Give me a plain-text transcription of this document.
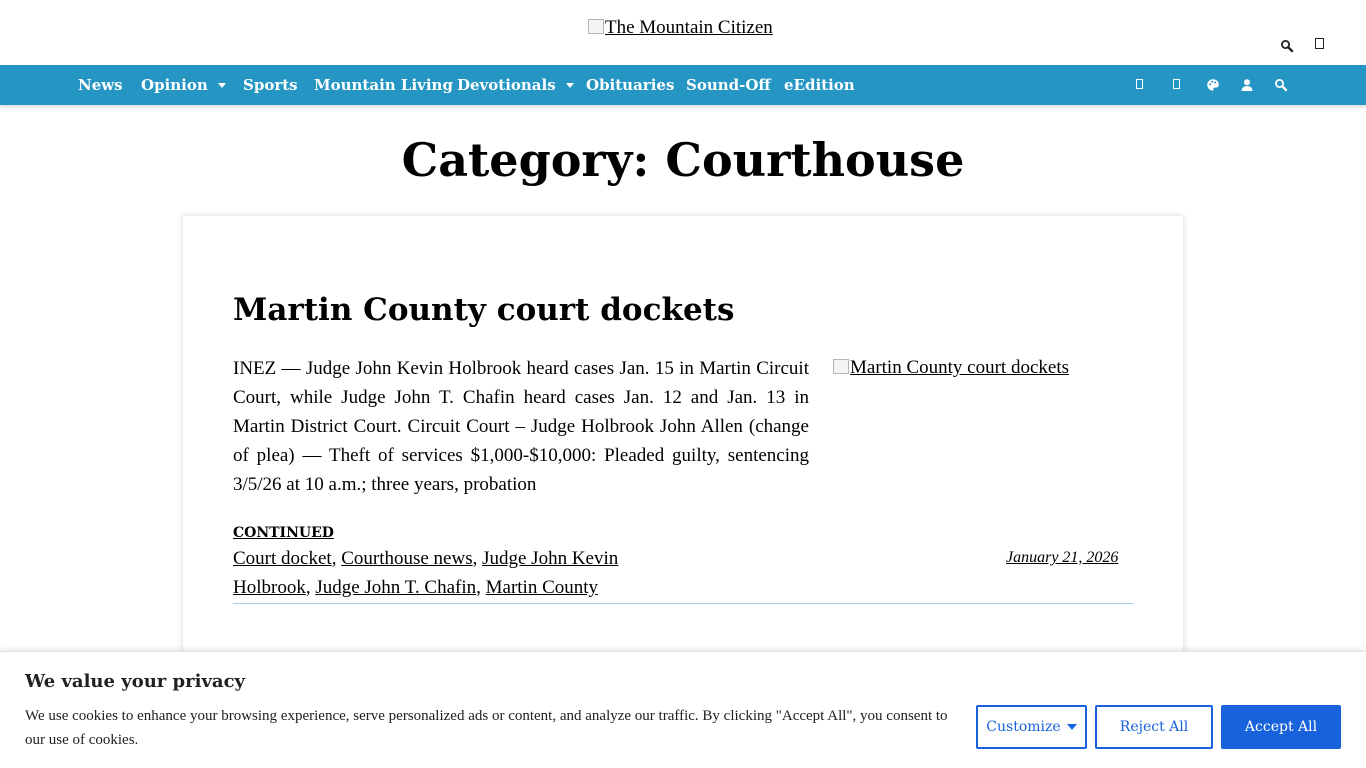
The Mountain Citizen
News Opinion	Sports Mountain Living Devotionals	Obituaries Sound-Off eEdition
Category: Courthouse
Martin County court dockets

INEZ — Judge John Kevin Holbrook heard cases Jan. 15 in Martin Circuit Court, while Judge John T. Chafin heard cases Jan. 12 and Jan. 13 in Martin District Court. Circuit Court – Judge Holbrook John Allen (change of plea) — Theft of services $1,000-$10,000: Pleaded guilty, sentencing 3/5/26 at 10 a.m.; three years, probation

Martin County court dockets
CONTINUED
Court docket, Courthouse news, Judge John Kevin Holbrook, Judge John T. Chafin, Martin County
January 21, 2026
We value your privacy

We use cookies to enhance your browsing experience, serve personalized ads or content, and analyze our traffic. By clicking "Accept All", you consent to our use of cookies.

Customize	Reject All	Accept All
